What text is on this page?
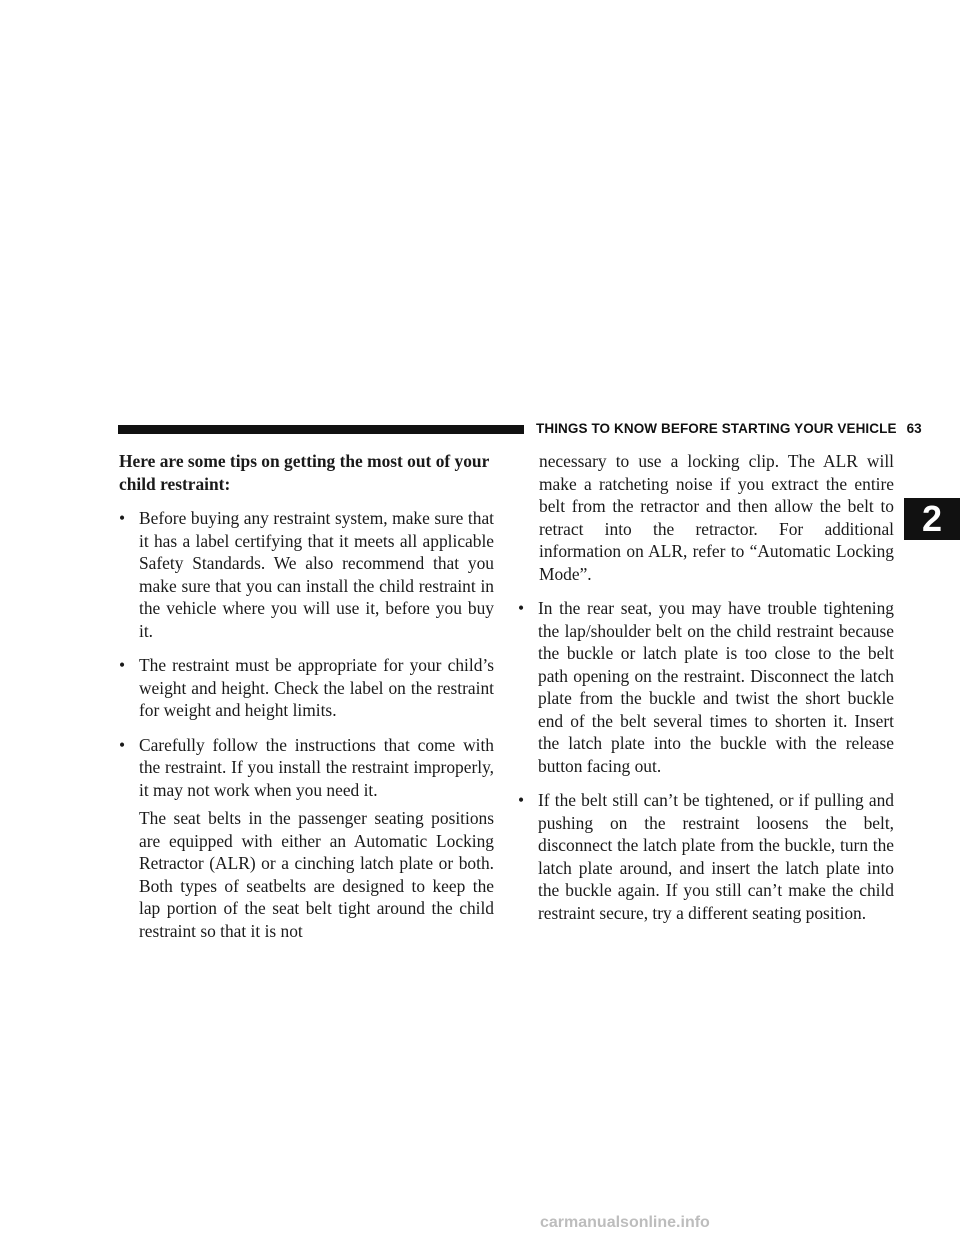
THINGS TO KNOW BEFORE STARTING YOUR VEHICLE 63
2

Here are some tips on getting the most out of your child restraint:

• Before buying any restraint system, make sure that it has a label certifying that it meets all applicable Safety Standards. We also recommend that you make sure that you can install the child restraint in the vehicle where you will use it, before you buy it.
• The restraint must be appropriate for your child’s weight and height. Check the label on the restraint for weight and height limits.
• Carefully follow the instructions that come with the restraint. If you install the restraint improperly, it may not work when you need it.

The seat belts in the passenger seating positions are equipped with either an Automatic Locking Retractor (ALR) or a cinching latch plate or both. Both types of seatbelts are designed to keep the lap portion of the seat belt tight around the child restraint so that it is not

necessary to use a locking clip. The ALR will make a ratcheting noise if you extract the entire belt from the retractor and then allow the belt to retract into the retractor. For additional information on ALR, refer to “Automatic Locking Mode”.

• In the rear seat, you may have trouble tightening the lap/shoulder belt on the child restraint because the buckle or latch plate is too close to the belt path opening on the restraint. Disconnect the latch plate from the buckle and twist the short buckle end of the belt several times to shorten it. Insert the latch plate into the buckle with the release button facing out.
• If the belt still can’t be tightened, or if pulling and pushing on the restraint loosens the belt, disconnect the latch plate from the buckle, turn the latch plate around, and insert the latch plate into the buckle again. If you still can’t make the child restraint secure, try a different seating position.
carmanualsonline.info
